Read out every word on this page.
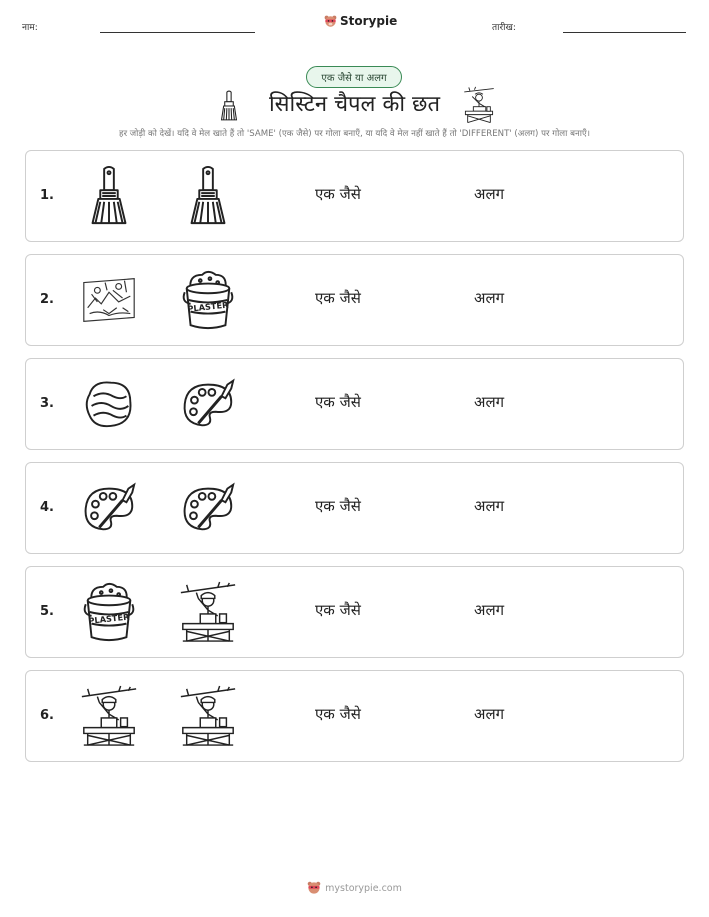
नाम:	Storypie	तारीख:
एक जैसे या अलग
सिस्टिन चैपल की छत
हर जोड़ी को देखें। यदि वे मेल खाते हैं तो 'SAME' (एक जैसे) पर गोला बनाएँ, या यदि वे मेल नहीं खाते हैं तो 'DIFFERENT' (अलग) पर गोला बनाएँ।
1.	एक जैसे	अलग
2.	एक जैसे	अलग
3.	एक जैसे	अलग
4.	एक जैसे	अलग
5.	एक जैसे	अलग
6.	एक जैसे	अलग
mystorypie.com
